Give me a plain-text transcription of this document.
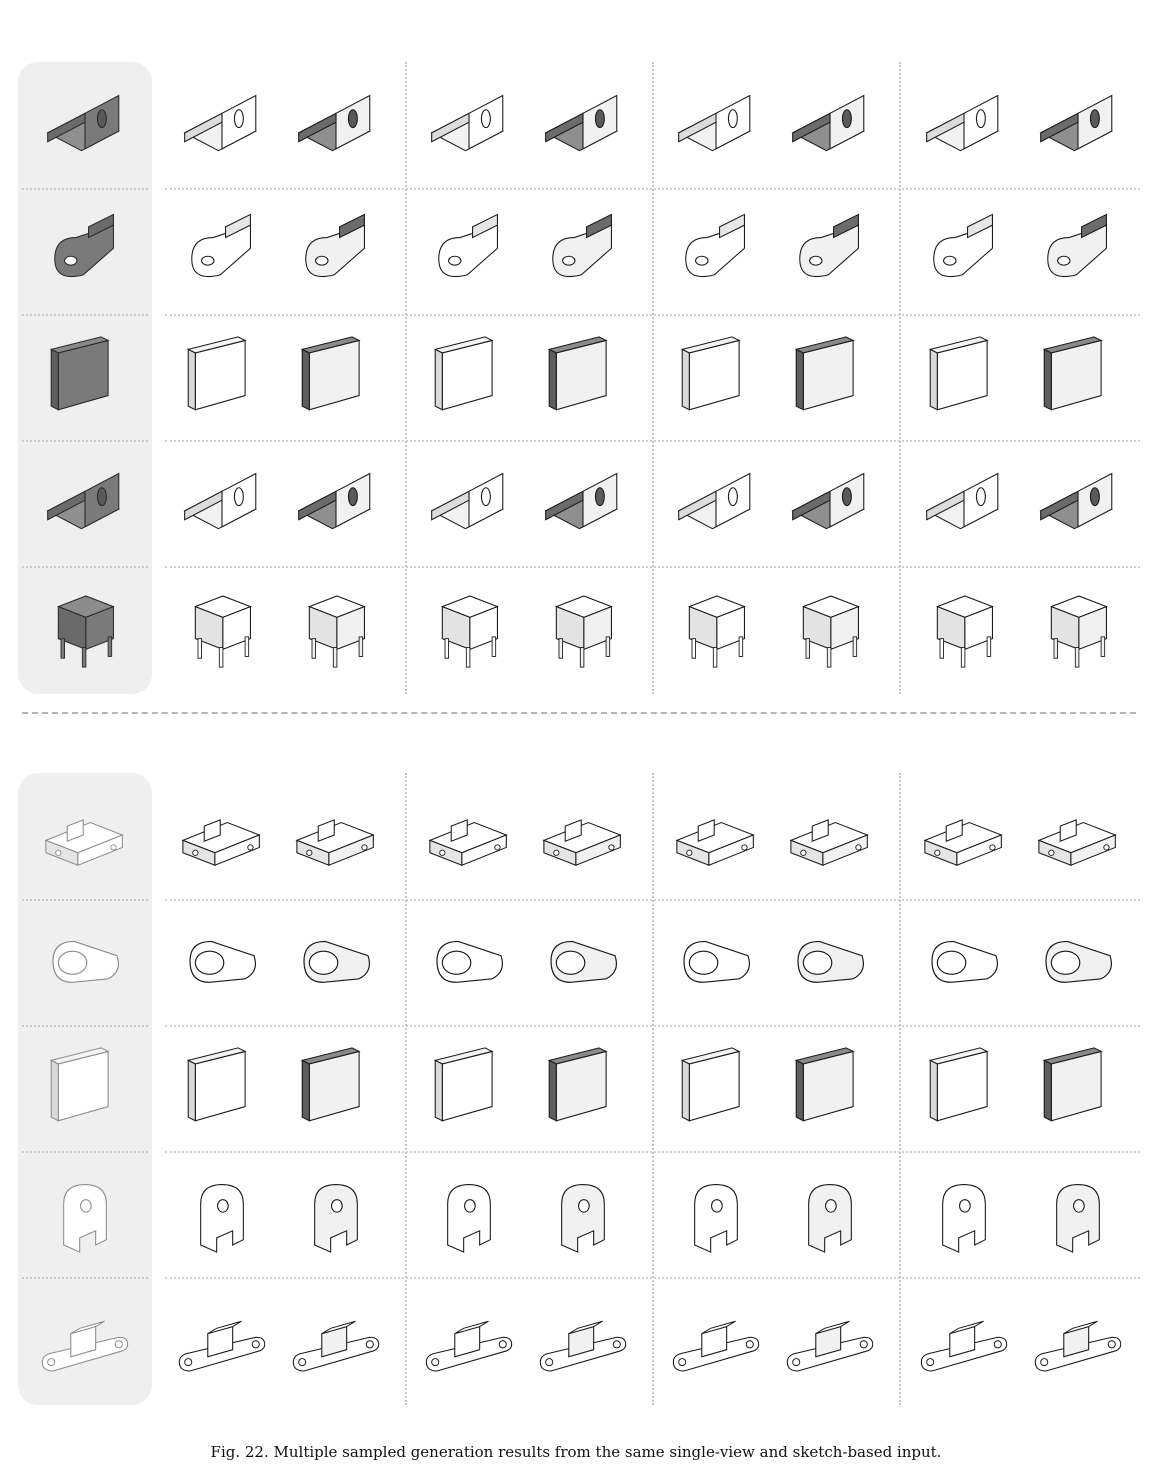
Fig. 22. Multiple sampled generation results from the same single-view and sketch-based input.
